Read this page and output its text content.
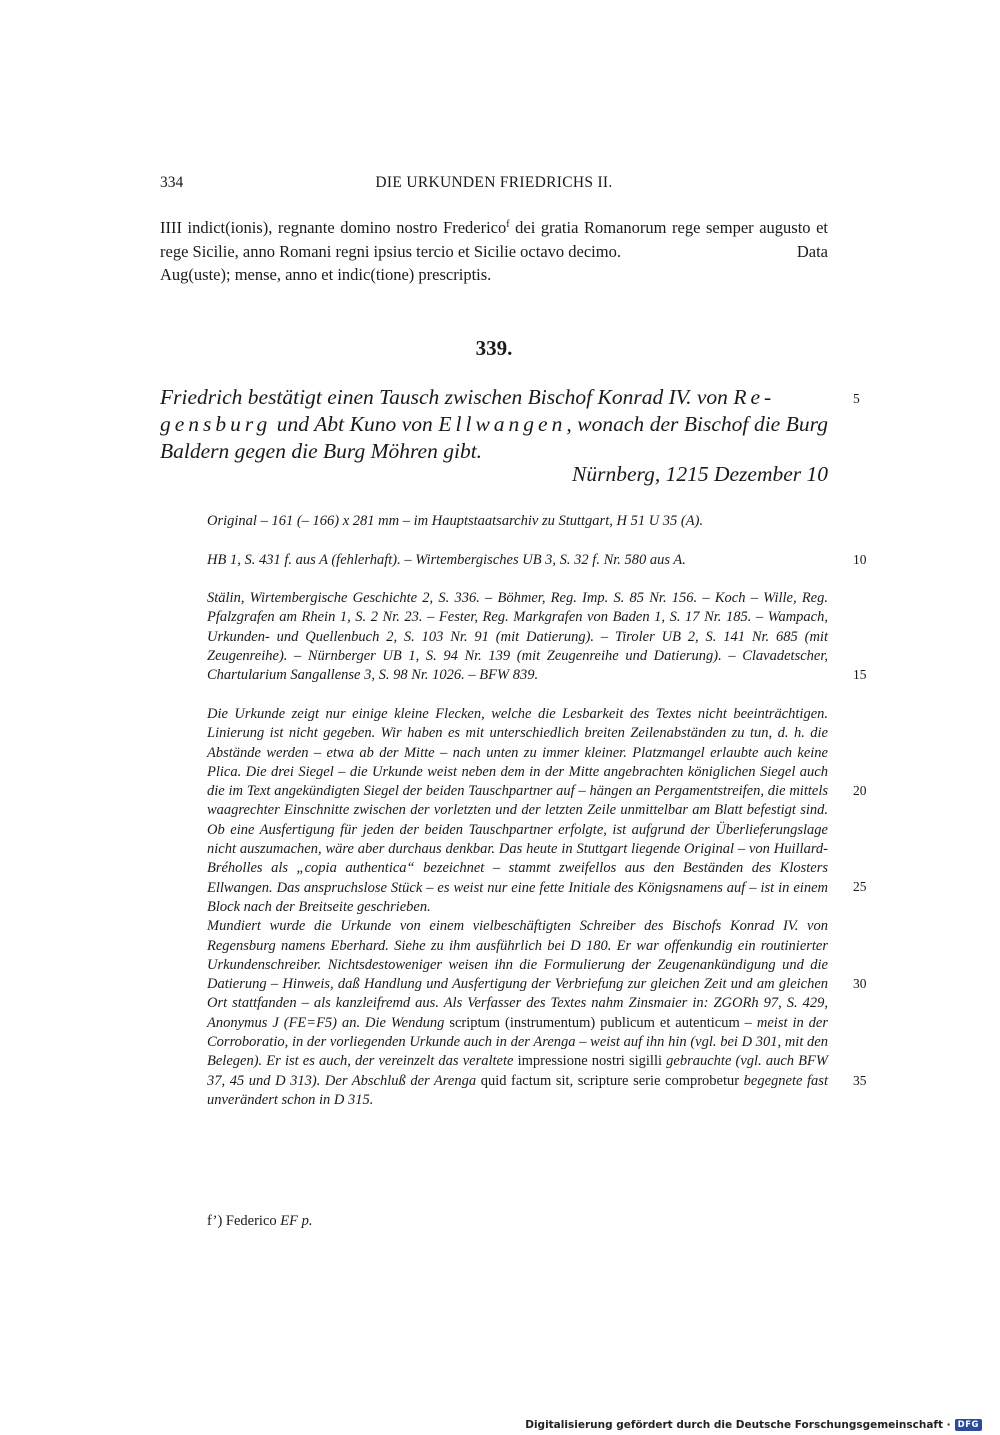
334	DIE URKUNDEN FRIEDRICHS II.

IIII indict(ionis), regnante domino nostro Frederico$^f$ dei gratia Romanorum rege semper augusto et rege Sicilie, anno Romani regni ipsius tercio et Sicilie octavo decimo.	Data

Aug(uste); mense, anno et indic(tione) prescriptis.

339.

Friedrich bestätigt einen Tausch zwischen Bischof Konrad IV. von Re-
gensburg und Abt Kuno von Ellwangen, wonach der Bischof die Burg Baldern gegen die Burg Möhren gibt.

Nürnberg, 1215 Dezember 10

Original – 161 (– 166) x 281 mm – im Hauptstaatsarchiv zu Stuttgart, H 51 U 35 (A).

HB 1, S. 431 f. aus A (fehlerhaft). – Wirtembergisches UB 3, S. 32 f. Nr. 580 aus A.

Stälin, Wirtembergische Geschichte 2, S. 336. – Böhmer, Reg. Imp. S. 85 Nr. 156. – Koch – Wille, Reg. Pfalzgrafen am Rhein 1, S. 2 Nr. 23. – Fester, Reg. Markgrafen von Baden 1, S. 17 Nr. 185. – Wampach, Urkunden- und Quellenbuch 2, S. 103 Nr. 91 (mit Datierung). – Tiroler UB 2, S. 141 Nr. 685 (mit Zeugenreihe). – Nürnberger UB 1, S. 94 Nr. 139 (mit Zeugenreihe und Datierung). – Clavadetscher, Chartularium Sangallense 3, S. 98 Nr. 1026. – BFW 839.

Die Urkunde zeigt nur einige kleine Flecken, welche die Lesbarkeit des Textes nicht beeinträchtigen. Linierung ist nicht gegeben. Wir haben es mit unterschiedlich breiten Zeilenabständen zu tun, d. h. die Abstände werden – etwa ab der Mitte – nach unten zu immer kleiner. Platzmangel erlaubte auch keine Plica. Die drei Siegel – die Urkunde weist neben dem in der Mitte angebrachten königlichen Siegel auch die im Text angekündigten Siegel der beiden Tauschpartner auf – hängen an Pergamentstreifen, die mittels waagrechter Einschnitte zwischen der vorletzten und der letzten Zeile unmittelbar am Blatt befestigt sind. Ob eine Ausfertigung für jeden der beiden Tauschpartner erfolgte, ist aufgrund der Überlieferungslage nicht auszumachen, wäre aber durchaus denkbar. Das heute in Stuttgart liegende Original – von Huillard-Bréholles als „copia authentica“ bezeichnet – stammt zweifellos aus den Beständen des Klosters Ellwangen. Das anspruchslose Stück – es weist nur eine fette Initiale des Königsnamens auf – ist in einem Block nach der Breitseite geschrieben.

Mundiert wurde die Urkunde von einem vielbeschäftigten Schreiber des Bischofs Konrad IV. von Regensburg namens Eberhard. Siehe zu ihm ausführlich bei D 180. Er war offenkundig ein routinierter Urkundenschreiber. Nichtsdestoweniger weisen ihn die Formulierung der Zeugenankündigung und die Datierung – Hinweis, daß Handlung und Ausfertigung der Verbriefung zur gleichen Zeit und am gleichen Ort stattfanden – als kanzleifremd aus. Als Verfasser des Textes nahm Zinsmaier in: ZGORh 97, S. 429, Anonymus J (FE=F5) an. Die Wendung scriptum (instrumentum) publicum et autenticum – meist in der Corroboratio, in der vorliegenden Urkunde auch in der Arenga – weist auf ihn hin (vgl. bei D 301, mit den Belegen). Er ist es auch, der vereinzelt das veraltete impressione nostri sigilli gebrauchte (vgl. auch BFW 37, 45 und D 313). Der Abschluß der Arenga quid factum sit, scripture serie comprobetur begegnete fast unverändert schon in D 315.

5
10
15
20
25
30
35
f’) Federico EF p.
Digitalisierung gefördert durch die Deutsche Forschungsgemeinschaft · DFG
